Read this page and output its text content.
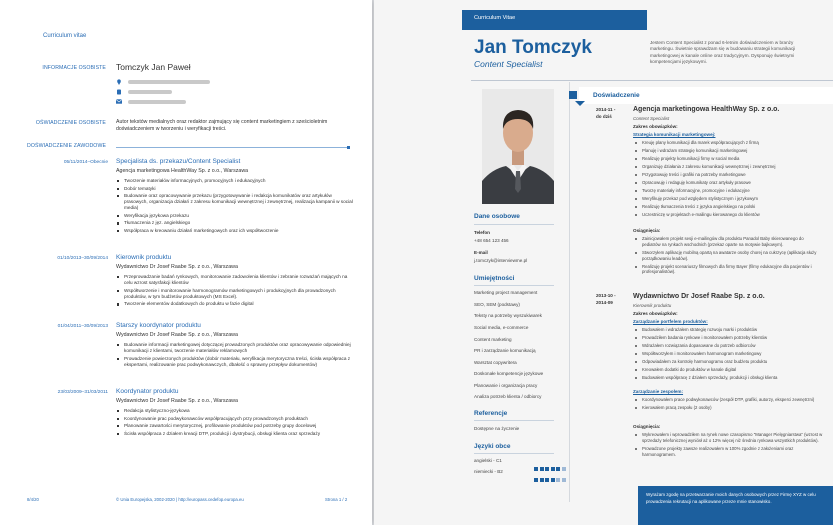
Curriculum vitae
INFORMACJE OSOBISTE Tomczyk Jan Paweł

OŚWIADCZENIE OSOBISTE Autor tekstów medialnych oraz redaktor zajmujący się content marketingiem z sześcioletnim doświadczeniem w tworzeniu i weryfikacji treści.
DOŚWIADCZENIE ZAWODOWE
05/11/2014–Obecnie Specjalista ds. przekazu/Content Specialist
Agencja marketingowa HealthWay Sp. z o.o., Warszawa
Tworzenie materiałów informacyjnych, promocyjnych i edukacyjnych
Dobór tematyki
Budowanie oraz opracowywanie przekazu (przygotowywanie i redakcja komunikatów oraz artykułów prasowych, organizacja działań z zakresu komunikacji wewnętrznej i zewnętrznej, realizacja kampanii w social media)
Weryfikacja językowa przekazu
Tłumaczenia z jęz. angielskiego
Współpraca w kreowaniu działań marketingowych oraz ich współtworzenie
01/10/2013–30/09/2014 Kierownik produktu
Wydawnictwo Dr Josef Raabe Sp. z o.o., Warszawa
Przeprowadzanie badań rynkowych, monitorowanie zadowolenia klientów i zebranie rozważań mających na celu wzrost satysfakcji klientów
Współtworzenie i monitorowanie harmonogramów marketingowych i produkcyjnych dla prowadzonych produktów, w tym budżetów produktowych (MS Excel).
Tworzenie elementów dodatkowych do produktu w fazie digital
01/04/2011–30/09/2013 Starszy koordynator produktu
Wydawnictwo Dr Josef Raabe Sp. z o.o., Warszawa
Budowanie informacji marketingowej dotyczącej prowadzonych produktów oraz opracowywanie odpowiedniej komunikacji z klientami, tworzenie materiałów reklamowych
Prowadzenie powierzonych produktów (dobór materiału, weryfikacja merytoryczna treści, ścisła współpraca z ekspertami, realizowanie prac podwykonawczych, dbałość o sprawny przepływ dokumentów)
23/03/2009–31/03/2011 Koordynator produktu
Wydawnictwo Dr Josef Raabe Sp. z o.o., Warszawa
Redakcja stylistyczno-językowa
Koordynowanie prac podwykonawców współpracujących przy prowadzonych produktach
Planowanie zawartości merytorycznej, profilowanie produktów pod potrzeby grupy docelowej
Ścisła współpraca z działem kreacji DTP, produkcji i dystrybucji, obsługi klienta oraz sprzedaży
8/4/20	© Unia Europejska, 2002-2020 | http://europass.cedefop.europa.eu	Strona 1 / 2
Curriculum Vitae
Jan Tomczyk
Content Specialist
Jestem Content Specialist z ponad 6-letnim doświadczeniem w branży marketingu. Świetnie sprawdzam się w budowaniu strategii komunikacji marketingowej w kanale online oraz tradycyjnym. Dysponuję świetnymi kompetencjami językowymi.
Dane osobowe
Telefon
+48 654 123 456
E-mail
j.tomczyk@interviewme.pl
Umiejętności
Marketing project management
SEO, SEM (podstawy)
Teksty na potrzeby wyszukiwarek
Social media, e-commerce
Content marketing
PR i zarządzanie komunikacją
Warsztat copywritera
Doskonałe kompetencje językowe
Planowanie i organizacja pracy
Analiza potrzeb klienta / odbiorcy
Referencje
Dostępne na życzenie
Języki obce
angielski - C1
niemiecki - B2
Doświadczenie
2014-11 -
do dziś
Agencja marketingowa HealthWay Sp. z o.o.
Content Specialist
Zakres obowiązków:
Strategia komunikacji marketingowej:
Kreuję plany komunikacji dla marek współpracujących z firmą
Planuję i wdrażam strategię komunikacji marketingowej
Realizuję projekty komunikacji firmy w social media
Organizuję działania z zakresu komunikacji wewnętrznej i zewnętrznej
Przygotowuję treści i grafiki na potrzeby marketingowe
Opracowuję i redaguję komunikaty oraz artykuły prasowe
Tworzę materiały informacyjne, promocyjne i edukacyjne
Weryfikuję przekaz pod względem stylistycznym i językowym
Realizuję tłumaczenia treści z języka angielskiego na polski
Uczestniczę w projektach e-mailingu kierowanego do klientów
Osiągnięcia:
Zainicjowałem projekt sesji e-mailingów dla produktu Panadol Baby skierowanego do pediatrów na rynkach wschodnich (przekaz oparte na motywie bajkowym).
Stworzyłem aplikację mobilną opartą na awatarze osoby chorej na cukrzycę (aplikacja służy porządkowaniu leadów).
Realizuję projekt scenariuszy filmowych dla firmy Bayer (filmy edukacyjne dla pacjentów i profesjonalistów).
2013-10 -
2014-09
Wydawnictwo Dr Josef Raabe Sp. z o.o.
Kierownik produktu
Zakres obowiązków:
Zarządzanie portfelem produktów:
Budowałem i wdrażałem strategię rozwoju marki i produktów
Prowadziłem badania rynkowe i monitorowałem potrzeby klientów
Wdrażałem rozwiązania dopasowane do potrzeb odbiorców
Współtworzyłem i monitorowałem harmonogram marketingowy
Odpowiadałem za kontrolę harmonogramu oraz budżetu produktu
Kreowałem dodatki do produktów w kanale digital
Budowałem współpracę z działem sprzedaży, produkcji i obsługi klienta
Zarządzanie zespołem:
Koordynowałem prace podwykonawców (zespół DTP, grafiki, autorzy, eksperci zewnętrzni)
Kierowałem pracą zespołu (2 osoby)
Osiągnięcia:
Wykreowałem i wprowadziłem na rynek nowe czasopismo "Manager Pielęgniarstwa" (wzrost w sprzedaży telefonicznej wyniósł aż o 12% więcej niż średnia rynkowa wszystkich produktów).
Prowadzone projekty zawsze realizowałem w 100% zgodnie z założeniami oraz harmonogramem.
Wyrażam zgodę na przetwarzanie moich danych osobowych przez Firmę XYZ w celu prowadzenia rekrutacji na aplikowane przeze mnie stanowisko.
